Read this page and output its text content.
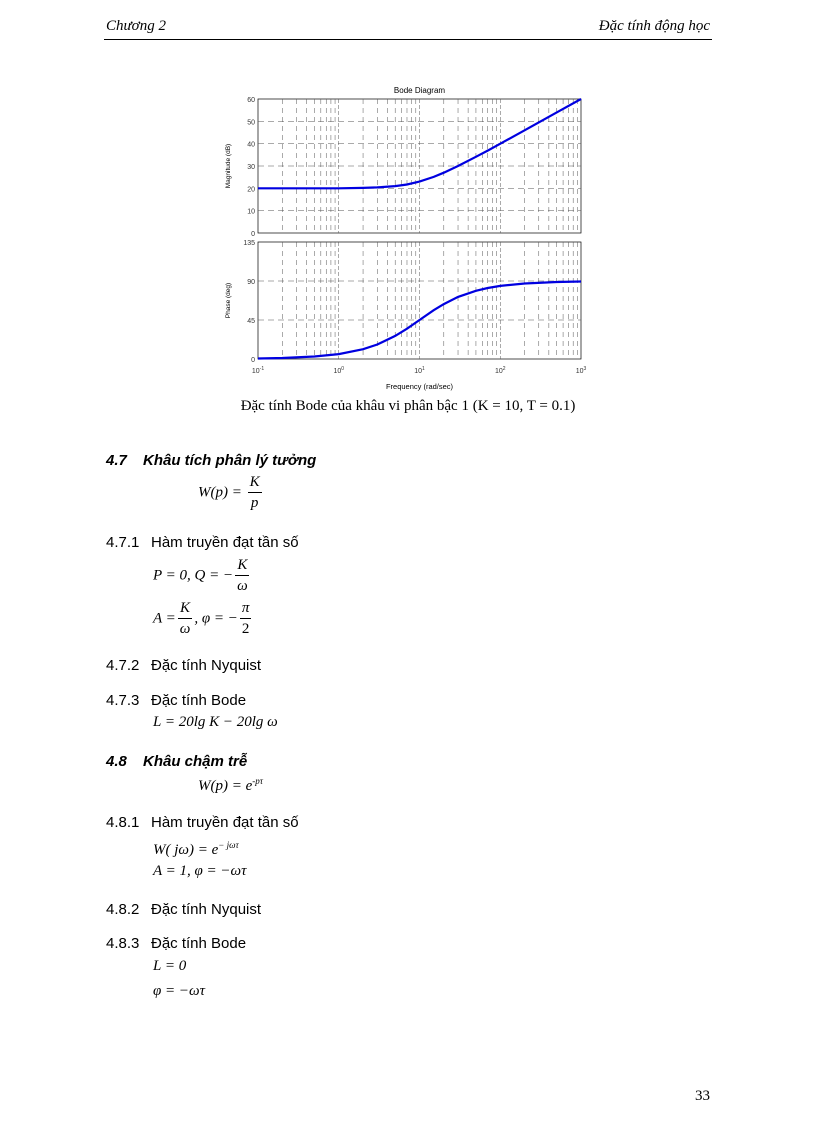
Chương 2	Đặc tính động học
Bode Diagram
0
10
20
30
40
50
60
Magnitude (dB)
0
45
90
135
Phase (deg)
$10^{-1}$	$10^0$	$10^1$	$10^2$	$10^3$
Frequency (rad/sec)
Đặc tính Bode của khâu vi phân bậc 1 (K = 10, T = 0.1)
4.7 Khâu tích phân lý tưởng
$W(p) = \frac{K}{p}$
4.7.1 Hàm truyền đạt tần số
P = 0, Q = − $\frac{K}{\omega}$
$A = \frac{K}{\omega}$ , φ = − $\frac{\pi}{2}$
4.7.2 Đặc tính Nyquist
4.7.3 Đặc tính Bode
L = 20lg K − 20lg ω
4.8 Khâu chậm trễ
$W(p) = e^{-p\tau}$
4.8.1 Hàm truyền đạt tần số
W( $j\omega) = e^{- j\omega\tau}$
A = 1, φ = −ωτ
4.8.2 Đặc tính Nyquist
4.8.3 Đặc tính Bode
L = 0
φ = −ωτ
33
